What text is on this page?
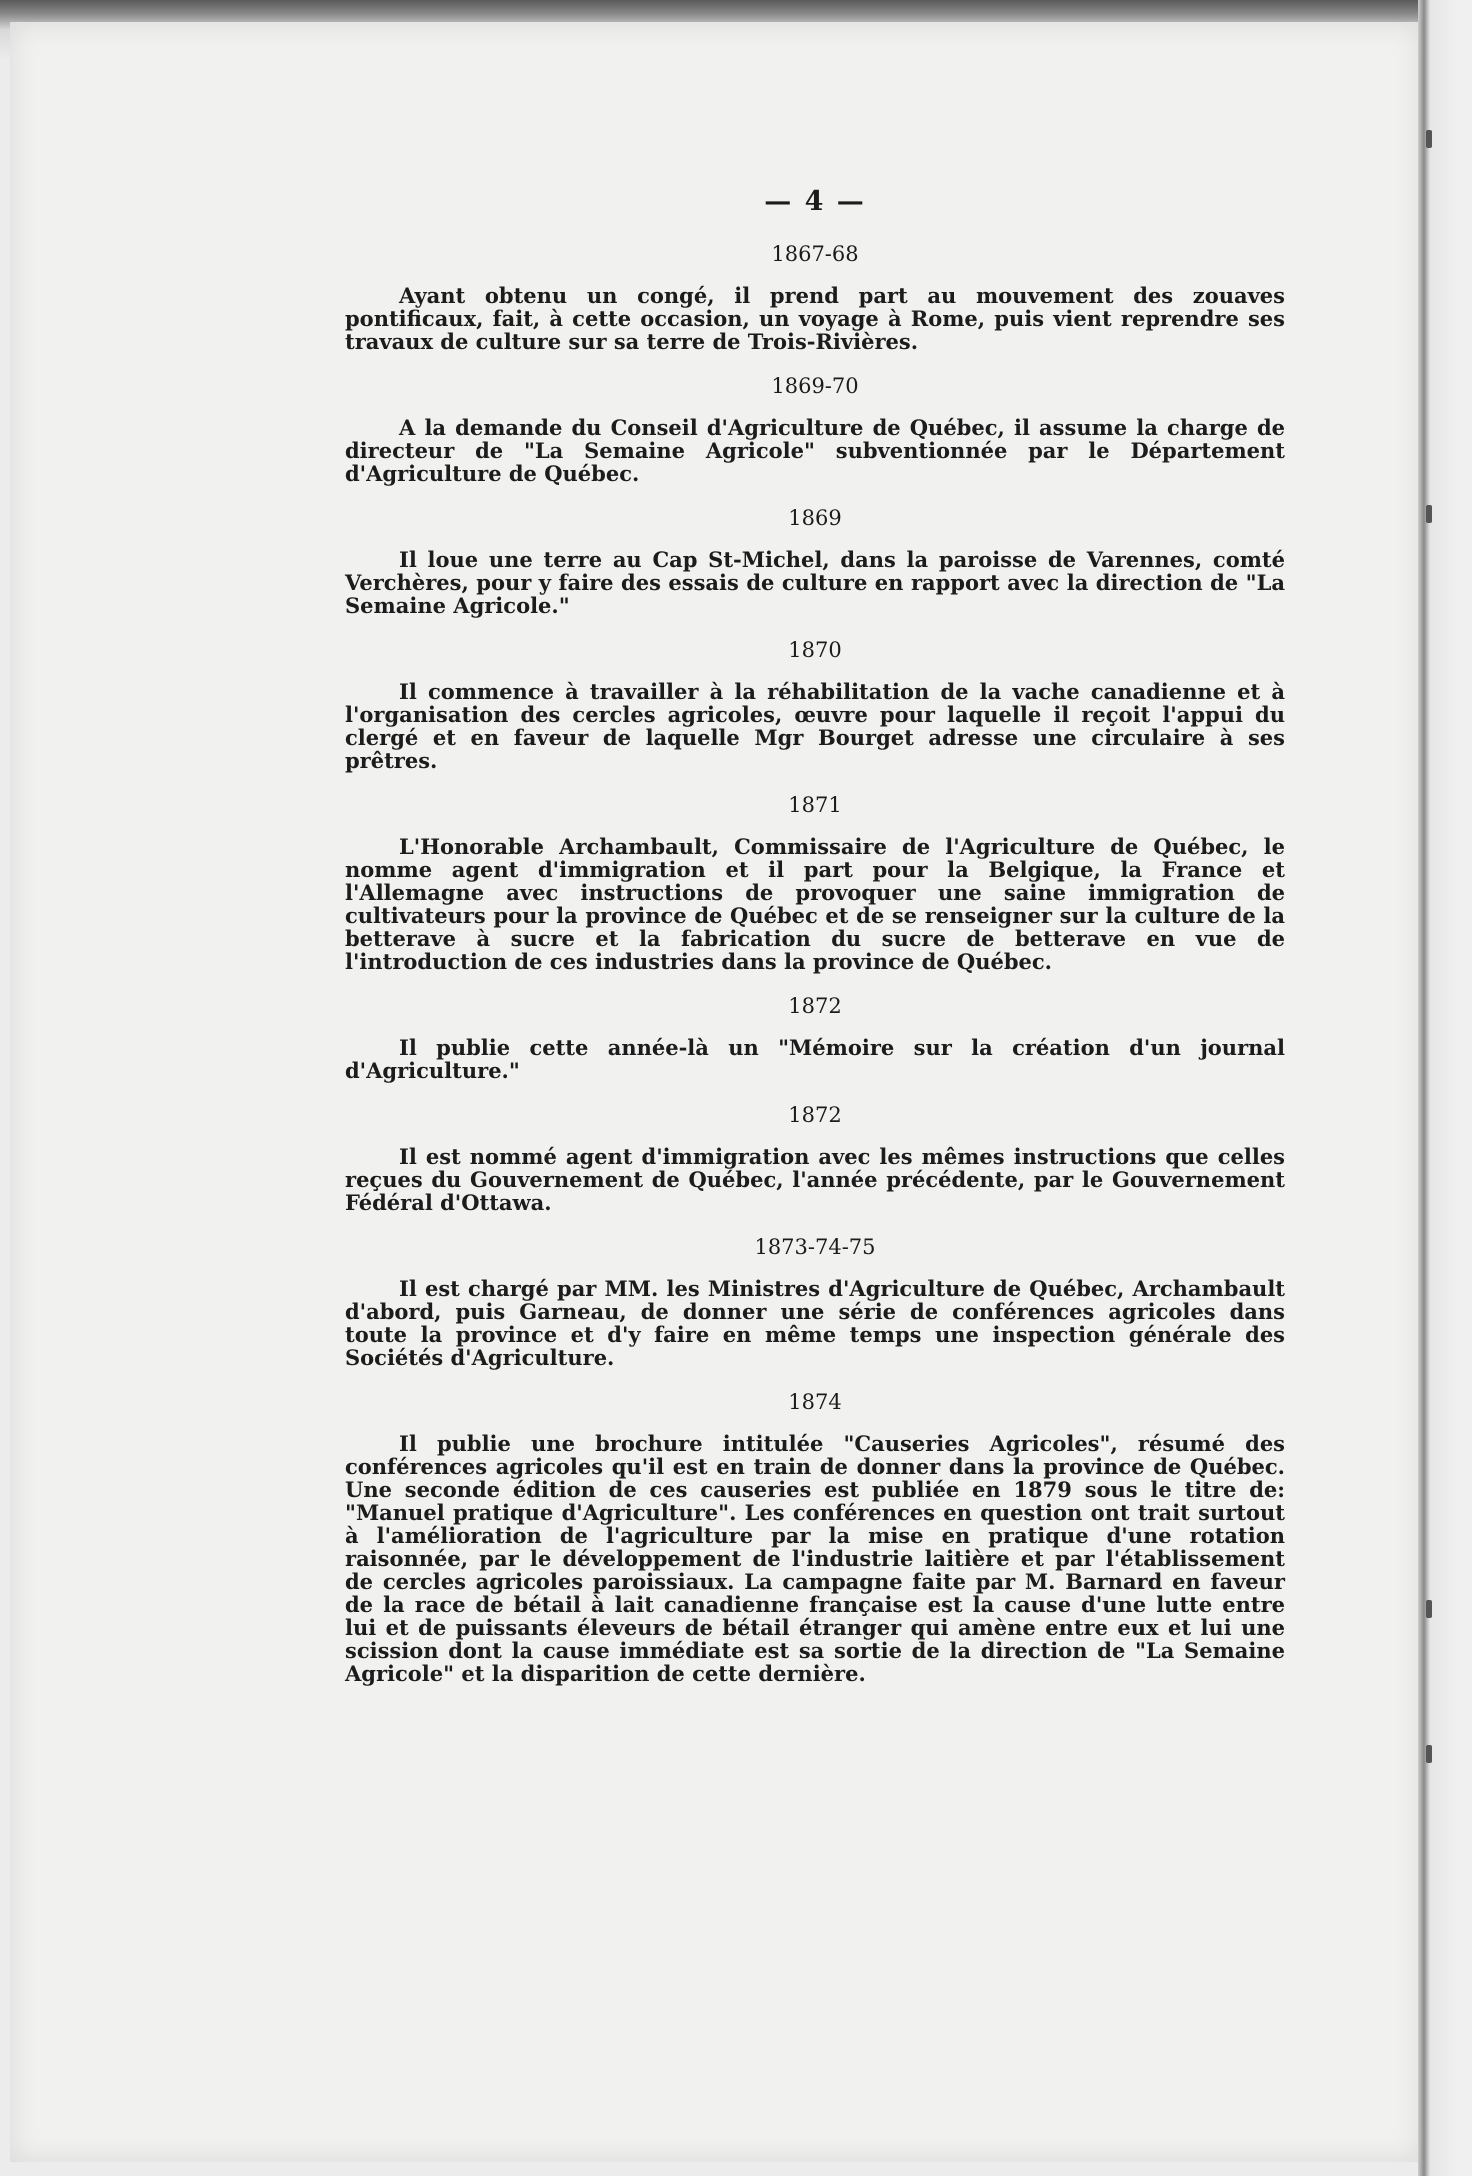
— 4 —
1867-68
Ayant obtenu un congé, il prend part au mouvement des zouaves pontificaux, fait, à cette occasion, un voyage à Rome, puis vient reprendre ses travaux de culture sur sa terre de Trois-Rivières.
1869-70
A la demande du Conseil d'Agriculture de Québec, il assume la charge de directeur de "La Semaine Agricole" subventionnée par le Département d'Agriculture de Québec.
1869
Il loue une terre au Cap St-Michel, dans la paroisse de Varennes, comté Verchères, pour y faire des essais de culture en rapport avec la direction de "La Semaine Agricole."
1870
Il commence à travailler à la réhabilitation de la vache canadienne et à l'organisation des cercles agricoles, œuvre pour laquelle il reçoit l'appui du clergé et en faveur de laquelle Mgr Bourget adresse une circulaire à ses prêtres.
1871
L'Honorable Archambault, Commissaire de l'Agriculture de Québec, le nomme agent d'immigration et il part pour la Belgique, la France et l'Allemagne avec instructions de provoquer une saine immigration de cultivateurs pour la province de Québec et de se renseigner sur la culture de la betterave à sucre et la fabrication du sucre de betterave en vue de l'introduction de ces industries dans la province de Québec.
1872
Il publie cette année-là un "Mémoire sur la création d'un journal d'Agriculture."
1872
Il est nommé agent d'immigration avec les mêmes instructions que celles reçues du Gouvernement de Québec, l'année précédente, par le Gouvernement Fédéral d'Ottawa.
1873-74-75
Il est chargé par MM. les Ministres d'Agriculture de Québec, Archambault d'abord, puis Garneau, de donner une série de conférences agricoles dans toute la province et d'y faire en même temps une inspection générale des Sociétés d'Agriculture.
1874
Il publie une brochure intitulée "Causeries Agricoles", résumé des conférences agricoles qu'il est en train de donner dans la province de Québec. Une seconde édition de ces causeries est publiée en 1879 sous le titre de: "Manuel pratique d'Agriculture". Les conférences en question ont trait surtout à l'amélioration de l'agriculture par la mise en pratique d'une rotation raisonnée, par le développement de l'industrie laitière et par l'établissement de cercles agricoles paroissiaux. La campagne faite par M. Barnard en faveur de la race de bétail à lait canadienne française est la cause d'une lutte entre lui et de puissants éleveurs de bétail étranger qui amène entre eux et lui une scission dont la cause immédiate est sa sortie de la direction de "La Semaine Agricole" et la disparition de cette dernière.
